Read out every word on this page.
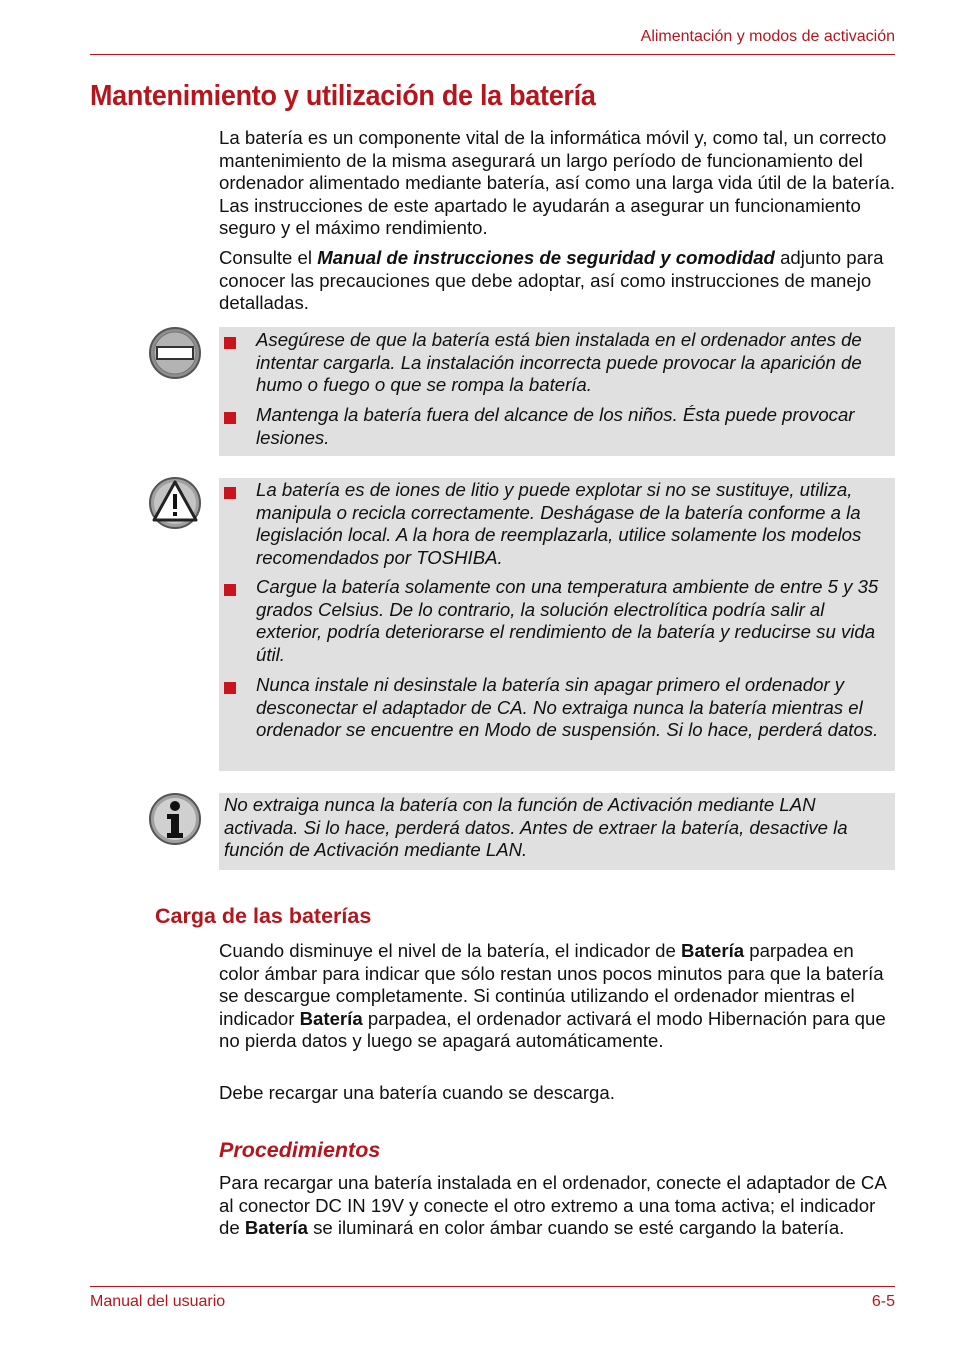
Alimentación y modos de activación
Mantenimiento y utilización de la batería

La batería es un componente vital de la informática móvil y, como tal, un correcto mantenimiento de la misma asegurará un largo período de funcionamiento del ordenador alimentado mediante batería, así como una larga vida útil de la batería. Las instrucciones de este apartado le ayudarán a asegurar un funcionamiento seguro y el máximo rendimiento.

Consulte el Manual de instrucciones de seguridad y comodidad adjunto para conocer las precauciones que debe adoptar, así como instrucciones de manejo detalladas.

Asegúrese de que la batería está bien instalada en el ordenador antes de intentar cargarla. La instalación incorrecta puede provocar la aparición de humo o fuego o que se rompa la batería.
Mantenga la batería fuera del alcance de los niños. Ésta puede provocar lesiones.
La batería es de iones de litio y puede explotar si no se sustituye, utiliza, manipula o recicla correctamente. Deshágase de la batería conforme a la legislación local. A la hora de reemplazarla, utilice solamente los modelos recomendados por TOSHIBA.
Cargue la batería solamente con una temperatura ambiente de entre 5 y 35 grados Celsius. De lo contrario, la solución electrolítica podría salir al exterior, podría deteriorarse el rendimiento de la batería y reducirse su vida útil.
Nunca instale ni desinstale la batería sin apagar primero el ordenador y desconectar el adaptador de CA. No extraiga nunca la batería mientras el ordenador se encuentre en Modo de suspensión. Si lo hace, perderá datos.
No extraiga nunca la batería con la función de Activación mediante LAN activada. Si lo hace, perderá datos. Antes de extraer la batería, desactive la función de Activación mediante LAN.
Carga de las baterías

Cuando disminuye el nivel de la batería, el indicador de Batería parpadea en color ámbar para indicar que sólo restan unos pocos minutos para que la batería se descargue completamente. Si continúa utilizando el ordenador mientras el indicador Batería parpadea, el ordenador activará el modo Hibernación para que no pierda datos y luego se apagará automáticamente.

Debe recargar una batería cuando se descarga.

Procedimientos

Para recargar una batería instalada en el ordenador, conecte el adaptador de CA al conector DC IN 19V y conecte el otro extremo a una toma activa; el indicador de Batería se iluminará en color ámbar cuando se esté cargando la batería.

Manual del usuario	6-5
